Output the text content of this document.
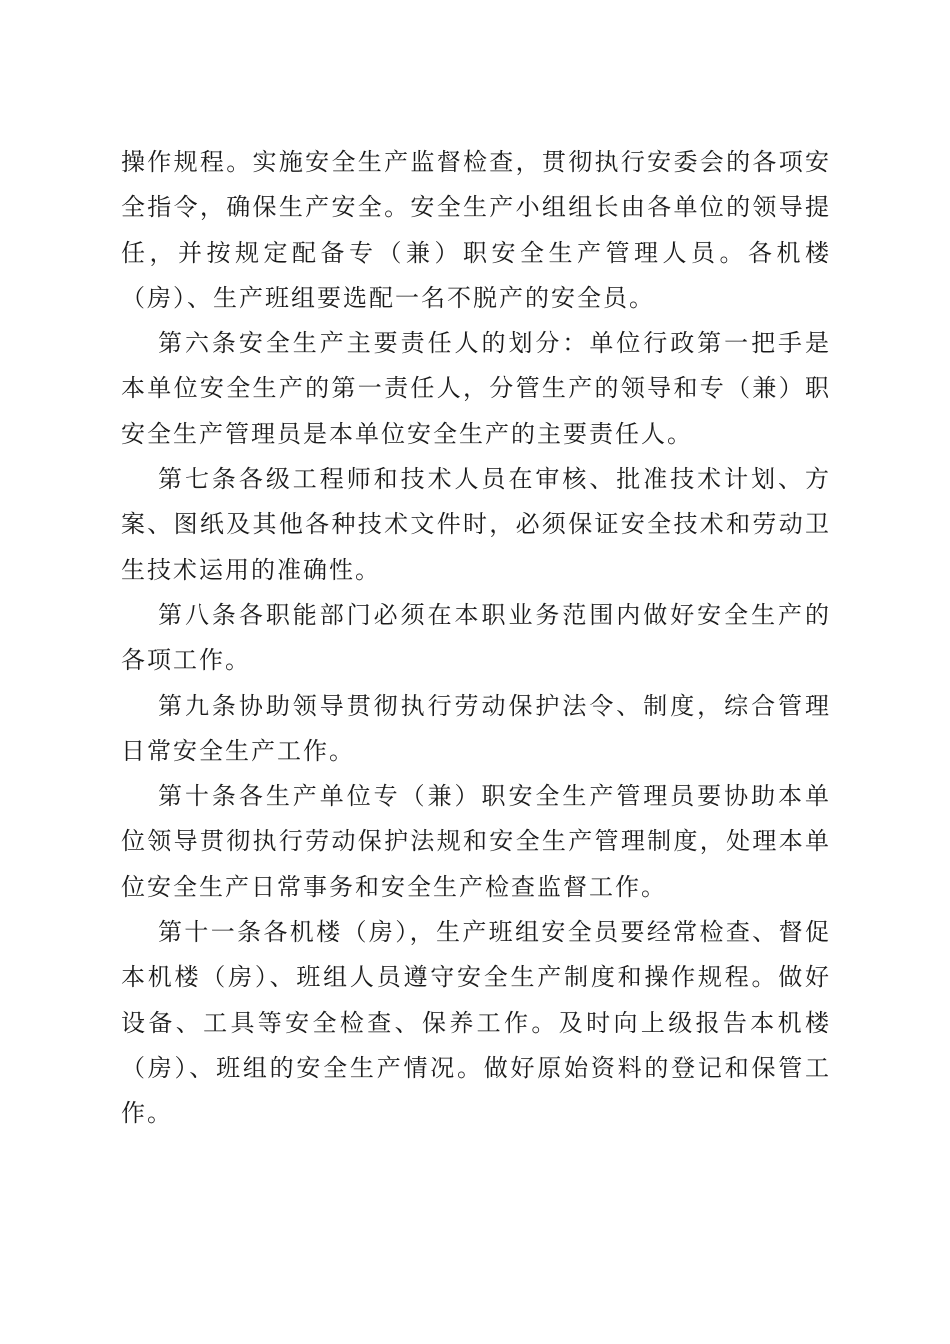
操作规程。实施安全生产监督检查，贯彻执行安委会的各项安全指令，确保生产安全。安全生产小组组长由各单位的领导提任，并按规定配备专（兼）职安全生产管理人员。各机楼（房）、生产班组要选配一名不脱产的安全员。

第六条安全生产主要责任人的划分：单位行政第一把手是本单位安全生产的第一责任人，分管生产的领导和专（兼）职安全生产管理员是本单位安全生产的主要责任人。

第七条各级工程师和技术人员在审核、批准技术计划、方案、图纸及其他各种技术文件时，必须保证安全技术和劳动卫生技术运用的准确性。

第八条各职能部门必须在本职业务范围内做好安全生产的各项工作。

第九条协助领导贯彻执行劳动保护法令、制度，综合管理日常安全生产工作。

第十条各生产单位专（兼）职安全生产管理员要协助本单位领导贯彻执行劳动保护法规和安全生产管理制度，处理本单位安全生产日常事务和安全生产检查监督工作。

第十一条各机楼（房），生产班组安全员要经常检查、督促本机楼（房）、班组人员遵守安全生产制度和操作规程。做好设备、工具等安全检查、保养工作。及时向上级报告本机楼（房）、班组的安全生产情况。做好原始资料的登记和保管工作。
